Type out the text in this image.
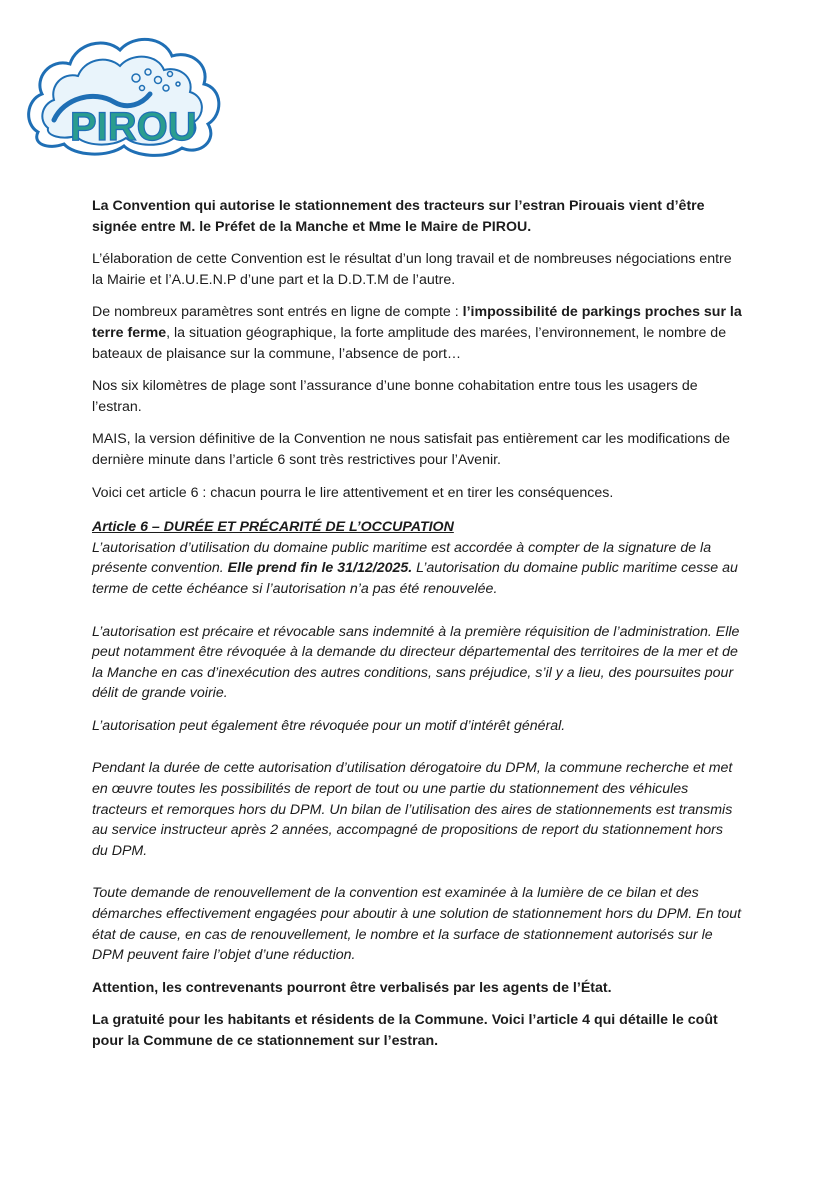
PIROU

La Convention qui autorise le stationnement des tracteurs sur l’estran Pirouais vient d’être signée entre M. le Préfet de la Manche et Mme le Maire de PIROU.

L’élaboration de cette Convention est le résultat d’un long travail et de nombreuses négociations entre la Mairie et l’A.U.E.N.P d’une part et la D.D.T.M de l’autre.

De nombreux paramètres sont entrés en ligne de compte : l’impossibilité de parkings proches sur la terre ferme, la situation géographique, la forte amplitude des marées, l’environnement, le nombre de bateaux de plaisance sur la commune, l’absence de port…

Nos six kilomètres de plage sont l’assurance d’une bonne cohabitation entre tous les usagers de l’estran.

MAIS, la version définitive de la Convention ne nous satisfait pas entièrement car les modifications de dernière minute dans l’article 6 sont très restrictives pour l’Avenir.

Voici cet article 6 : chacun pourra le lire attentivement et en tirer les conséquences.

Article 6 – DURÉE ET PRÉCARITÉ DE L’OCCUPATION

L’autorisation d’utilisation du domaine public maritime est accordée à compter de la signature de la présente convention. Elle prend fin le 31/12/2025. L’autorisation du domaine public maritime cesse au terme de cette échéance si l’autorisation n’a pas été renouvelée.

L’autorisation est précaire et révocable sans indemnité à la première réquisition de l’administration. Elle peut notamment être révoquée à la demande du directeur départemental des territoires de la mer et de la Manche en cas d’inexécution des autres conditions, sans préjudice, s’il y a lieu, des poursuites pour délit de grande voirie.

L’autorisation peut également être révoquée pour un motif d’intérêt général.

Pendant la durée de cette autorisation d’utilisation dérogatoire du DPM, la commune recherche et met en œuvre toutes les possibilités de report de tout ou une partie du stationnement des véhicules tracteurs et remorques hors du DPM. Un bilan de l’utilisation des aires de stationnements est transmis au service instructeur après 2 années, accompagné de propositions de report du stationnement hors du DPM.

Toute demande de renouvellement de la convention est examinée à la lumière de ce bilan et des démarches effectivement engagées pour aboutir à une solution de stationnement hors du DPM. En tout état de cause, en cas de renouvellement, le nombre et la surface de stationnement autorisés sur le DPM peuvent faire l’objet d’une réduction.

Attention, les contrevenants pourront être verbalisés par les agents de l’État.

La gratuité pour les habitants et résidents de la Commune. Voici l’article 4 qui détaille le coût pour la Commune de ce stationnement sur l’estran.
